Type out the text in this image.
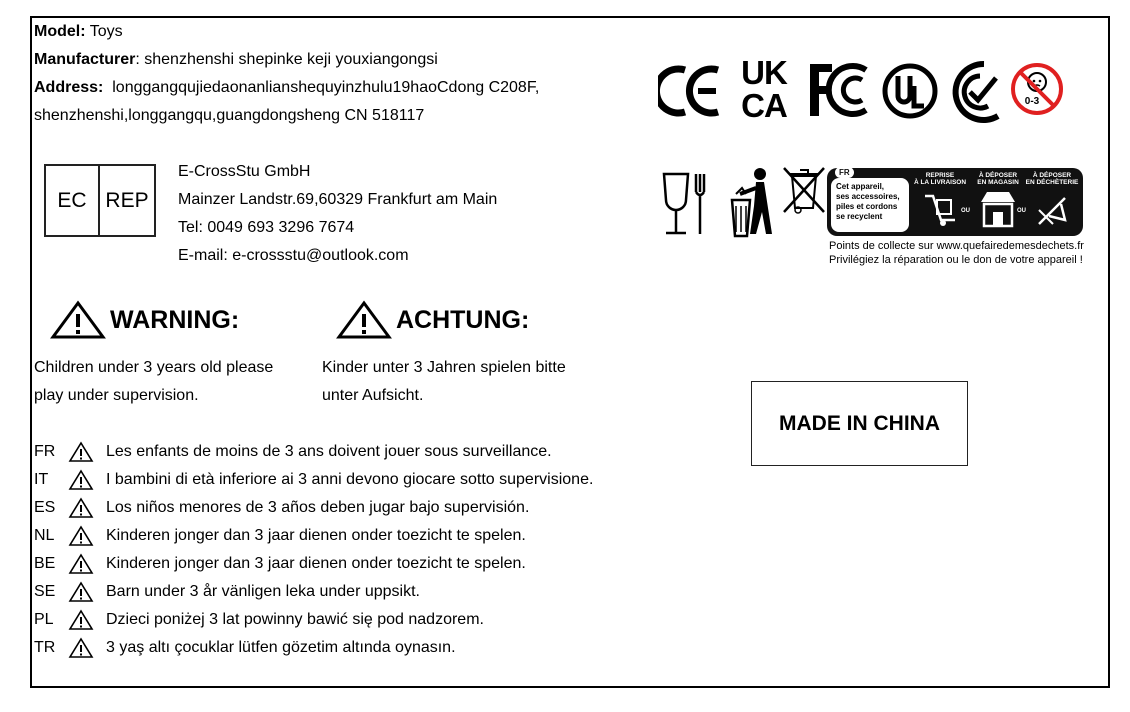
Model: Toys
Manufacturer: shenzhenshi shepinke keji youxiangongsi
Address: longgangqujiedaonanlianshequyinzhulu19haoCdong C208F,
shenzhenshi,longgangqu,guangdongsheng CN 518117
EC REP
E-CrossStu GmbH
Mainzer Landstr.69,60329 Frankfurt am Main
Tel: 0049 693 3296 7674
E-mail: e-crossstu@outlook.com
UK
CA	0-3
Cet appareil,
ses accessoires,
piles et cordons
se recyclent
FR	REPRISE
À LA LIVRAISON
À DÉPOSER
EN MAGASIN
À DÉPOSER
EN DÉCHÈTERIE
OU	OU
Points de collecte sur www.quefairedemesdechets.fr
Privilégiez la réparation ou le don de votre appareil !
WARNING:	ACHTUNG:
Children under 3 years old please
play under supervision.
Kinder unter 3 Jahren spielen bitte
unter Aufsicht.
FR	Les enfants de moins de 3 ans doivent jouer sous surveillance.
IT	I bambini di età inferiore ai 3 anni devono giocare sotto supervisione.
ES	Los niños menores de 3 años deben jugar bajo supervisión.
NL	Kinderen jonger dan 3 jaar dienen onder toezicht te spelen.
BE	Kinderen jonger dan 3 jaar dienen onder toezicht te spelen.
SE	Barn under 3 år vänligen leka under uppsikt.
PL	Dzieci poniżej 3 lat powinny bawić się pod nadzorem.
TR	3 yaş altı çocuklar lütfen gözetim altında oynasın.
MADE IN CHINA
